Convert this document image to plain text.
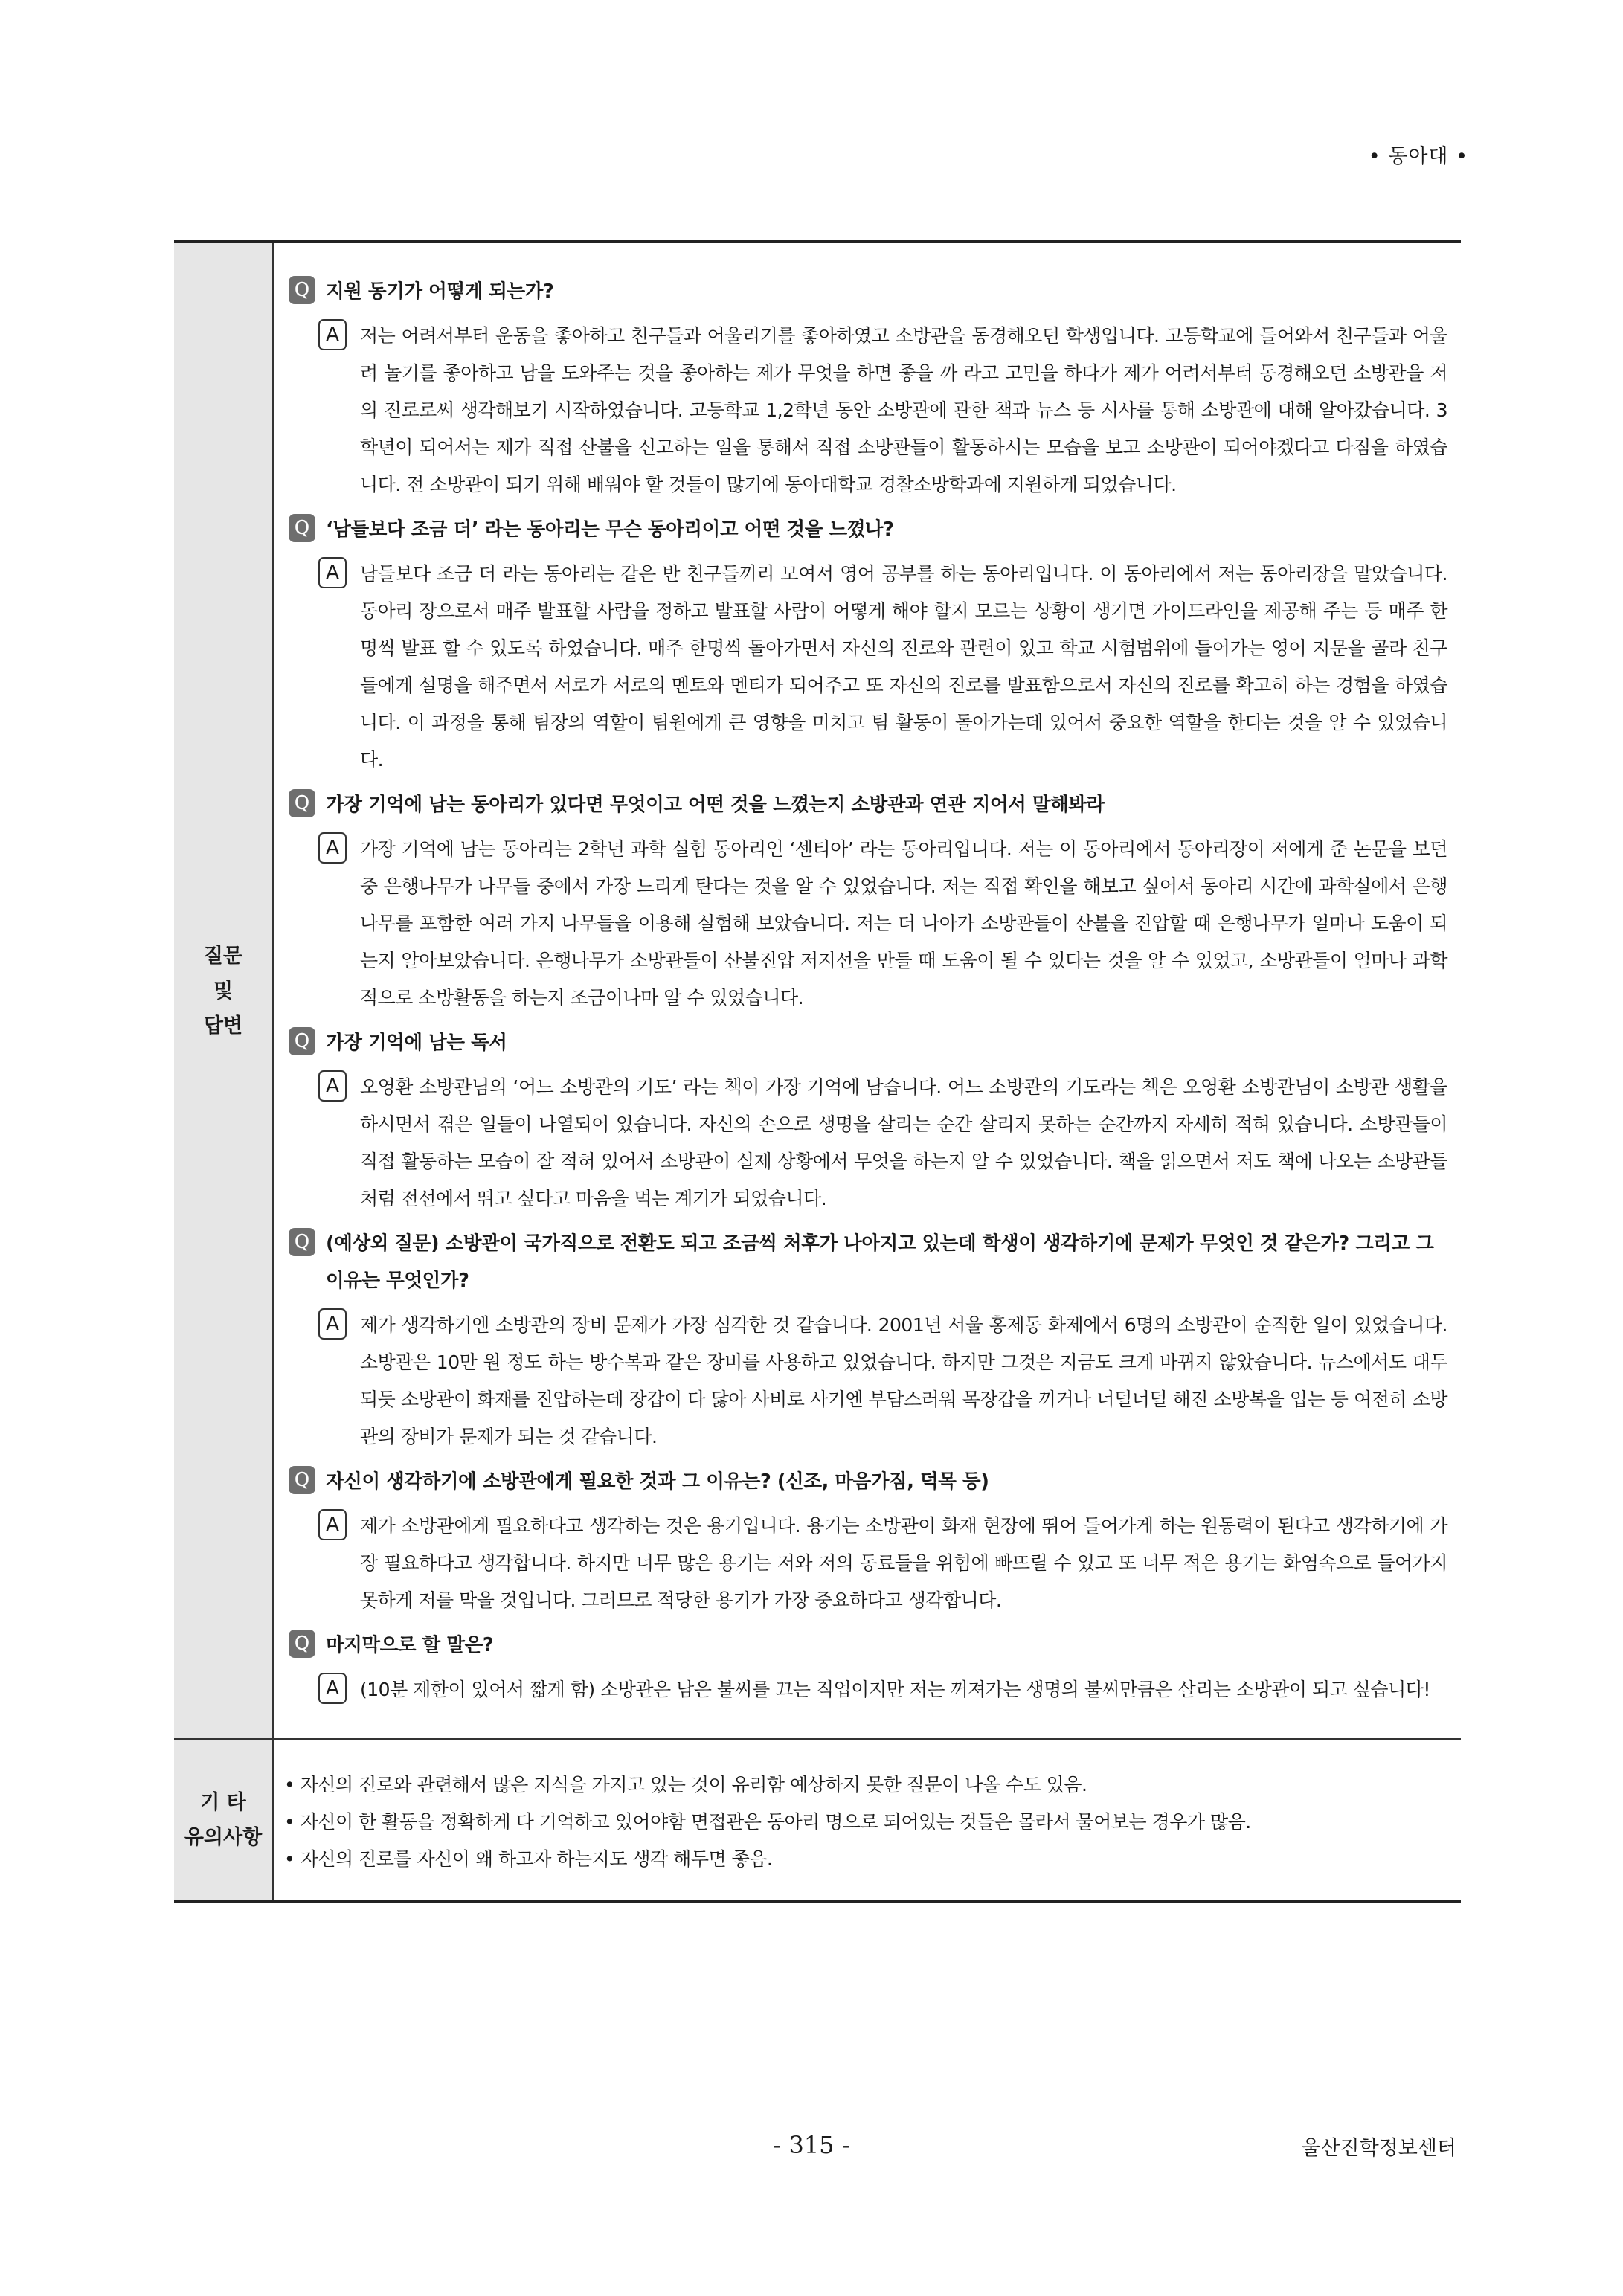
• 동아대 •
질문
및
답변
Q 지원 동기가 어떻게 되는가?
A	저는 어려서부터 운동을 좋아하고 친구들과 어울리기를 좋아하였고 소방관을 동경해오던 학생입니다. 고등학교에 들어와서 친구들과 어울려 놀기를 좋아하고 남을 도와주는 것을 좋아하는 제가 무엇을 하면 좋을 까 라고 고민을 하다가 제가 어려서부터 동경해오던 소방관을 저의 진로로써 생각해보기 시작하였습니다. 고등학교 1,2학년 동안 소방관에 관한 책과 뉴스 등 시사를 통해 소방관에 대해 알아갔습니다. 3학년이 되어서는 제가 직접 산불을 신고하는 일을 통해서 직접 소방관들이 활동하시는 모습을 보고 소방관이 되어야겠다고 다짐을 하였습니다. 전 소방관이 되기 위해 배워야 할 것들이 많기에 동아대학교 경찰소방학과에 지원하게 되었습니다.
Q ‘남들보다 조금 더’ 라는 동아리는 무슨 동아리이고 어떤 것을 느꼈나?
A	남들보다 조금 더 라는 동아리는 같은 반 친구들끼리 모여서 영어 공부를 하는 동아리입니다. 이 동아리에서 저는 동아리장을 맡았습니다. 동아리 장으로서 매주 발표할 사람을 정하고 발표할 사람이 어떻게 해야 할지 모르는 상황이 생기면 가이드라인을 제공해 주는 등 매주 한명씩 발표 할 수 있도록 하였습니다. 매주 한명씩 돌아가면서 자신의 진로와 관련이 있고 학교 시험범위에 들어가는 영어 지문을 골라 친구들에게 설명을 해주면서 서로가 서로의 멘토와 멘티가 되어주고 또 자신의 진로를 발표함으로서 자신의 진로를 확고히 하는 경험을 하였습니다. 이 과정을 통해 팀장의 역할이 팀원에게 큰 영향을 미치고 팀 활동이 돌아가는데 있어서 중요한 역할을 한다는 것을 알 수 있었습니다.
Q 가장 기억에 남는 동아리가 있다면 무엇이고 어떤 것을 느꼈는지 소방관과 연관 지어서 말해봐라
A	가장 기억에 남는 동아리는 2학년 과학 실험 동아리인 ‘센티아’ 라는 동아리입니다. 저는 이 동아리에서 동아리장이 저에게 준 논문을 보던 중 은행나무가 나무들 중에서 가장 느리게 탄다는 것을 알 수 있었습니다. 저는 직접 확인을 해보고 싶어서 동아리 시간에 과학실에서 은행나무를 포함한 여러 가지 나무들을 이용해 실험해 보았습니다. 저는 더 나아가 소방관들이 산불을 진압할 때 은행나무가 얼마나 도움이 되는지 알아보았습니다. 은행나무가 소방관들이 산불진압 저지선을 만들 때 도움이 될 수 있다는 것을 알 수 있었고, 소방관들이 얼마나 과학적으로 소방활동을 하는지 조금이나마 알 수 있었습니다.
Q 가장 기억에 남는 독서
A	오영환 소방관님의 ‘어느 소방관의 기도’ 라는 책이 가장 기억에 남습니다. 어느 소방관의 기도라는 책은 오영환 소방관님이 소방관 생활을 하시면서 겪은 일들이 나열되어 있습니다. 자신의 손으로 생명을 살리는 순간 살리지 못하는 순간까지 자세히 적혀 있습니다. 소방관들이 직접 활동하는 모습이 잘 적혀 있어서 소방관이 실제 상황에서 무엇을 하는지 알 수 있었습니다. 책을 읽으면서 저도 책에 나오는 소방관들처럼 전선에서 뛰고 싶다고 마음을 먹는 계기가 되었습니다.
Q (예상외 질문) 소방관이 국가직으로 전환도 되고 조금씩 처후가 나아지고 있는데 학생이 생각하기에 문제가 무엇인 것 같은가? 그리고 그 이유는 무엇인가?
A	제가 생각하기엔 소방관의 장비 문제가 가장 심각한 것 같습니다. 2001년 서울 홍제동 화제에서 6명의 소방관이 순직한 일이 있었습니다. 소방관은 10만 원 정도 하는 방수복과 같은 장비를 사용하고 있었습니다. 하지만 그것은 지금도 크게 바뀌지 않았습니다. 뉴스에서도 대두되듯 소방관이 화재를 진압하는데 장갑이 다 닳아 사비로 사기엔 부담스러워 목장갑을 끼거나 너덜너덜 해진 소방복을 입는 등 여전히 소방관의 장비가 문제가 되는 것 같습니다.
Q 자신이 생각하기에 소방관에게 필요한 것과 그 이유는? (신조, 마음가짐, 덕목 등)
A	제가 소방관에게 필요하다고 생각하는 것은 용기입니다. 용기는 소방관이 화재 현장에 뛰어 들어가게 하는 원동력이 된다고 생각하기에 가장 필요하다고 생각합니다. 하지만 너무 많은 용기는 저와 저의 동료들을 위험에 빠뜨릴 수 있고 또 너무 적은 용기는 화염속으로 들어가지 못하게 저를 막을 것입니다. 그러므로 적당한 용기가 가장 중요하다고 생각합니다.
Q 마지막으로 할 말은?
A	(10분 제한이 있어서 짧게 함) 소방관은 남은 불씨를 끄는 직업이지만 저는 꺼져가는 생명의 불씨만큼은 살리는 소방관이 되고 싶습니다!
기 타
유의사항
• 자신의 진로와 관련해서 많은 지식을 가지고 있는 것이 유리함 예상하지 못한 질문이 나올 수도 있음.
• 자신이 한 활동을 정확하게 다 기억하고 있어야함 면접관은 동아리 명으로 되어있는 것들은 몰라서 물어보는 경우가 많음.
• 자신의 진로를 자신이 왜 하고자 하는지도 생각 해두면 좋음.
- 315 -	울산진학정보센터
